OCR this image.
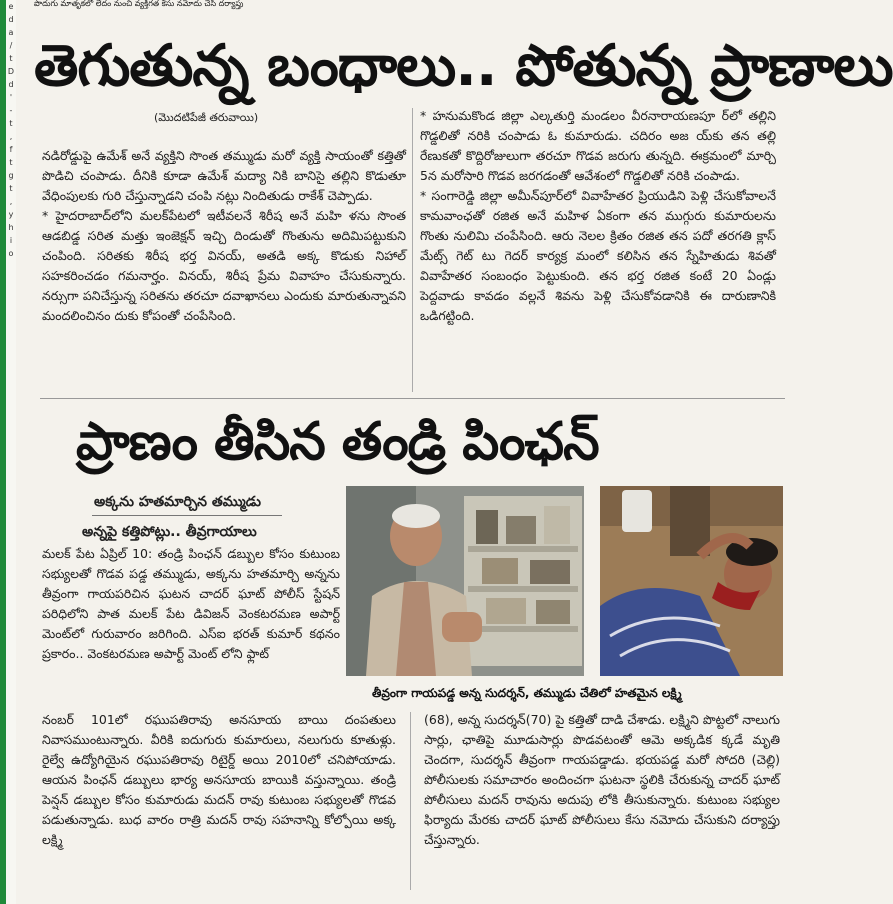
e
d
a
/
t
D
d
'
-
t
,
f
t
g
t
,
y
h
i
o
పొదుగు మాతృకలో లేదం నుంచి వ్యక్తిగత కేసు నమోదు చేసి దర్యాప్తు
తెగుతున్న బంధాలు.. పోతున్న ప్రాణాలు
(మొదటిపేజీ తరువాయి)

నడిరోడ్డుపై ఉమేశ్ అనే వ్యక్తిని సొంత తమ్ముడు మరో వ్యక్తి సాయంతో కత్తితో పొడిచి చంపాడు. దీనికి కూడా ఉమేశ్ మద్యా నికి బానిసై తల్లిని కొడుతూ వేధింపులకు గురి చేస్తున్నాడని చంపి నట్లు నిందితుడు రాకేశ్ చెప్పాడు.

* హైదరాబాద్‌లోని మలక్‌పేటలో ఇటీవలనే శిరీష అనే మహి ళను సొంత ఆడబిడ్డ సరిత మత్తు ఇంజెక్షన్ ఇచ్చి దిండుతో గొంతును అదిమిపట్టుకుని చంపింది. సరితకు శిరీష భర్త వినయ్, అతడి అక్క కొడుకు నిహాల్ సహకరించడం గమనార్హం. వినయ్, శిరీష ప్రేమ వివాహం చేసుకున్నారు. నర్సుగా పనిచేస్తున్న సరితను తరచూ దవాఖానలు ఎందుకు మారుతున్నావని మందలించినం దుకు కోపంతో చంపేసింది.

* హనుమకొండ జిల్లా ఎల్కతుర్తి మండలం వీరనారాయణపూ ర్‌లో తల్లిని గొడ్డలితో నరికి చంపాడు ఓ కుమారుడు. చదిరం అజ య్‌కు తన తల్లి రేణుకతో కొద్దిరోజులుగా తరచూ గొడవ జరుగు తున్నది. ఈక్రమంలో మార్చి 5న మరోసారి గొడవ జరగడంతో ఆవేశంలో గొడ్డలితో నరికి చంపాడు.

* సంగారెడ్డి జిల్లా అమీన్‌పూర్‌లో వివాహేతర ప్రియుడిని పెళ్లి చేసుకోవాలనే కామవాంఛతో రజిత అనే మహిళ ఏకంగా తన ముగ్గురు కుమారులను గొంతు నులిమి చంపేసింది. ఆరు నెలల క్రితం రజిత తన పదో తరగతి క్లాస్ మేట్స్ గెట్ టు గెదర్ కార్యక్ర మంలో కలిసిన తన స్నేహితుడు శివతో వివాహేతర సంబంధం పెట్టుకుంది. తన భర్త రజిత కంటే 20 ఏండ్లు పెద్దవాడు కావడం వల్లనే శివను పెళ్లి చేసుకోవడానికి ఈ దారుణానికి ఒడిగట్టింది.

ప్రాణం తీసిన తండ్రి పింఛన్
అక్కను హతమార్చిన తమ్ముడు
అన్నపై కత్తిపోట్లు.. తీవ్రగాయాలు

మలక్ పేట ఏప్రిల్ 10: తండ్రి పింఛన్ డబ్బుల కోసం కుటుంబ సభ్యులతో గొడవ పడ్డ తమ్ముడు, అక్కను హతమార్చి అన్నను తీవ్రంగా గాయపరిచిన ఘటన చాదర్ ఘాట్ పోలీస్ స్టేషన్ పరిధిలోని పాత మలక్ పేట డివిజన్ వెంకటరమణ అపార్ట్ మెంట్‌లో గురువారం జరిగింది. ఎస్ఐ భరత్ కుమార్ కథనం ప్రకారం.. వెంకటరమణ అపార్ట్ మెంట్ లోని ఫ్లాట్

తీవ్రంగా గాయపడ్డ అన్న సుదర్శన్, తమ్ముడు చేతిలో హతమైన లక్ష్మి

నంబర్ 101లో రఘుపతిరావు అనసూయ బాయి దంపతులు నివాసముంటున్నారు. వీరికి ఐదుగురు కుమారులు, నలుగురు కూతుళ్లు. రైల్వే ఉద్యోగియైన రఘుపతిరావు రిటైర్డ్ అయి 2010లో చనిపోయాడు. ఆయన పింఛన్ డబ్బులు భార్య అనసూయ బాయికి వస్తున్నాయి. తండ్రి పెన్షన్ డబ్బుల కోసం కుమారుడు మదన్ రావు కుటుంబ సభ్యులతో గొడవ పడుతున్నాడు. బుధ వారం రాత్రి మదన్ రావు సహనాన్ని కోల్పోయి అక్క లక్ష్మి

(68), అన్న సుదర్శన్(70) పై కత్తితో దాడి చేశాడు. లక్ష్మిని పొట్టలో నాలుగు సార్లు, ఛాతిపై మూడుసార్లు పొడవటంతో ఆమె అక్కడిక క్కడే మృతి చెందగా, సుదర్శన్ తీవ్రంగా గాయపడ్డాడు. భయపడ్డ మరో సోదరి (చెల్లి) పోలీసులకు సమాచారం అందించగా ఘటనా స్థలికి చేరుకున్న చాదర్ ఘాట్ పోలీసులు మదన్ రావును అదుపు లోకి తీసుకున్నారు. కుటుంబ సభ్యుల ఫిర్యాదు మేరకు చాదర్ ఘాట్ పోలీసులు కేసు నమోదు చేసుకుని దర్యాప్తు చేస్తున్నారు.
